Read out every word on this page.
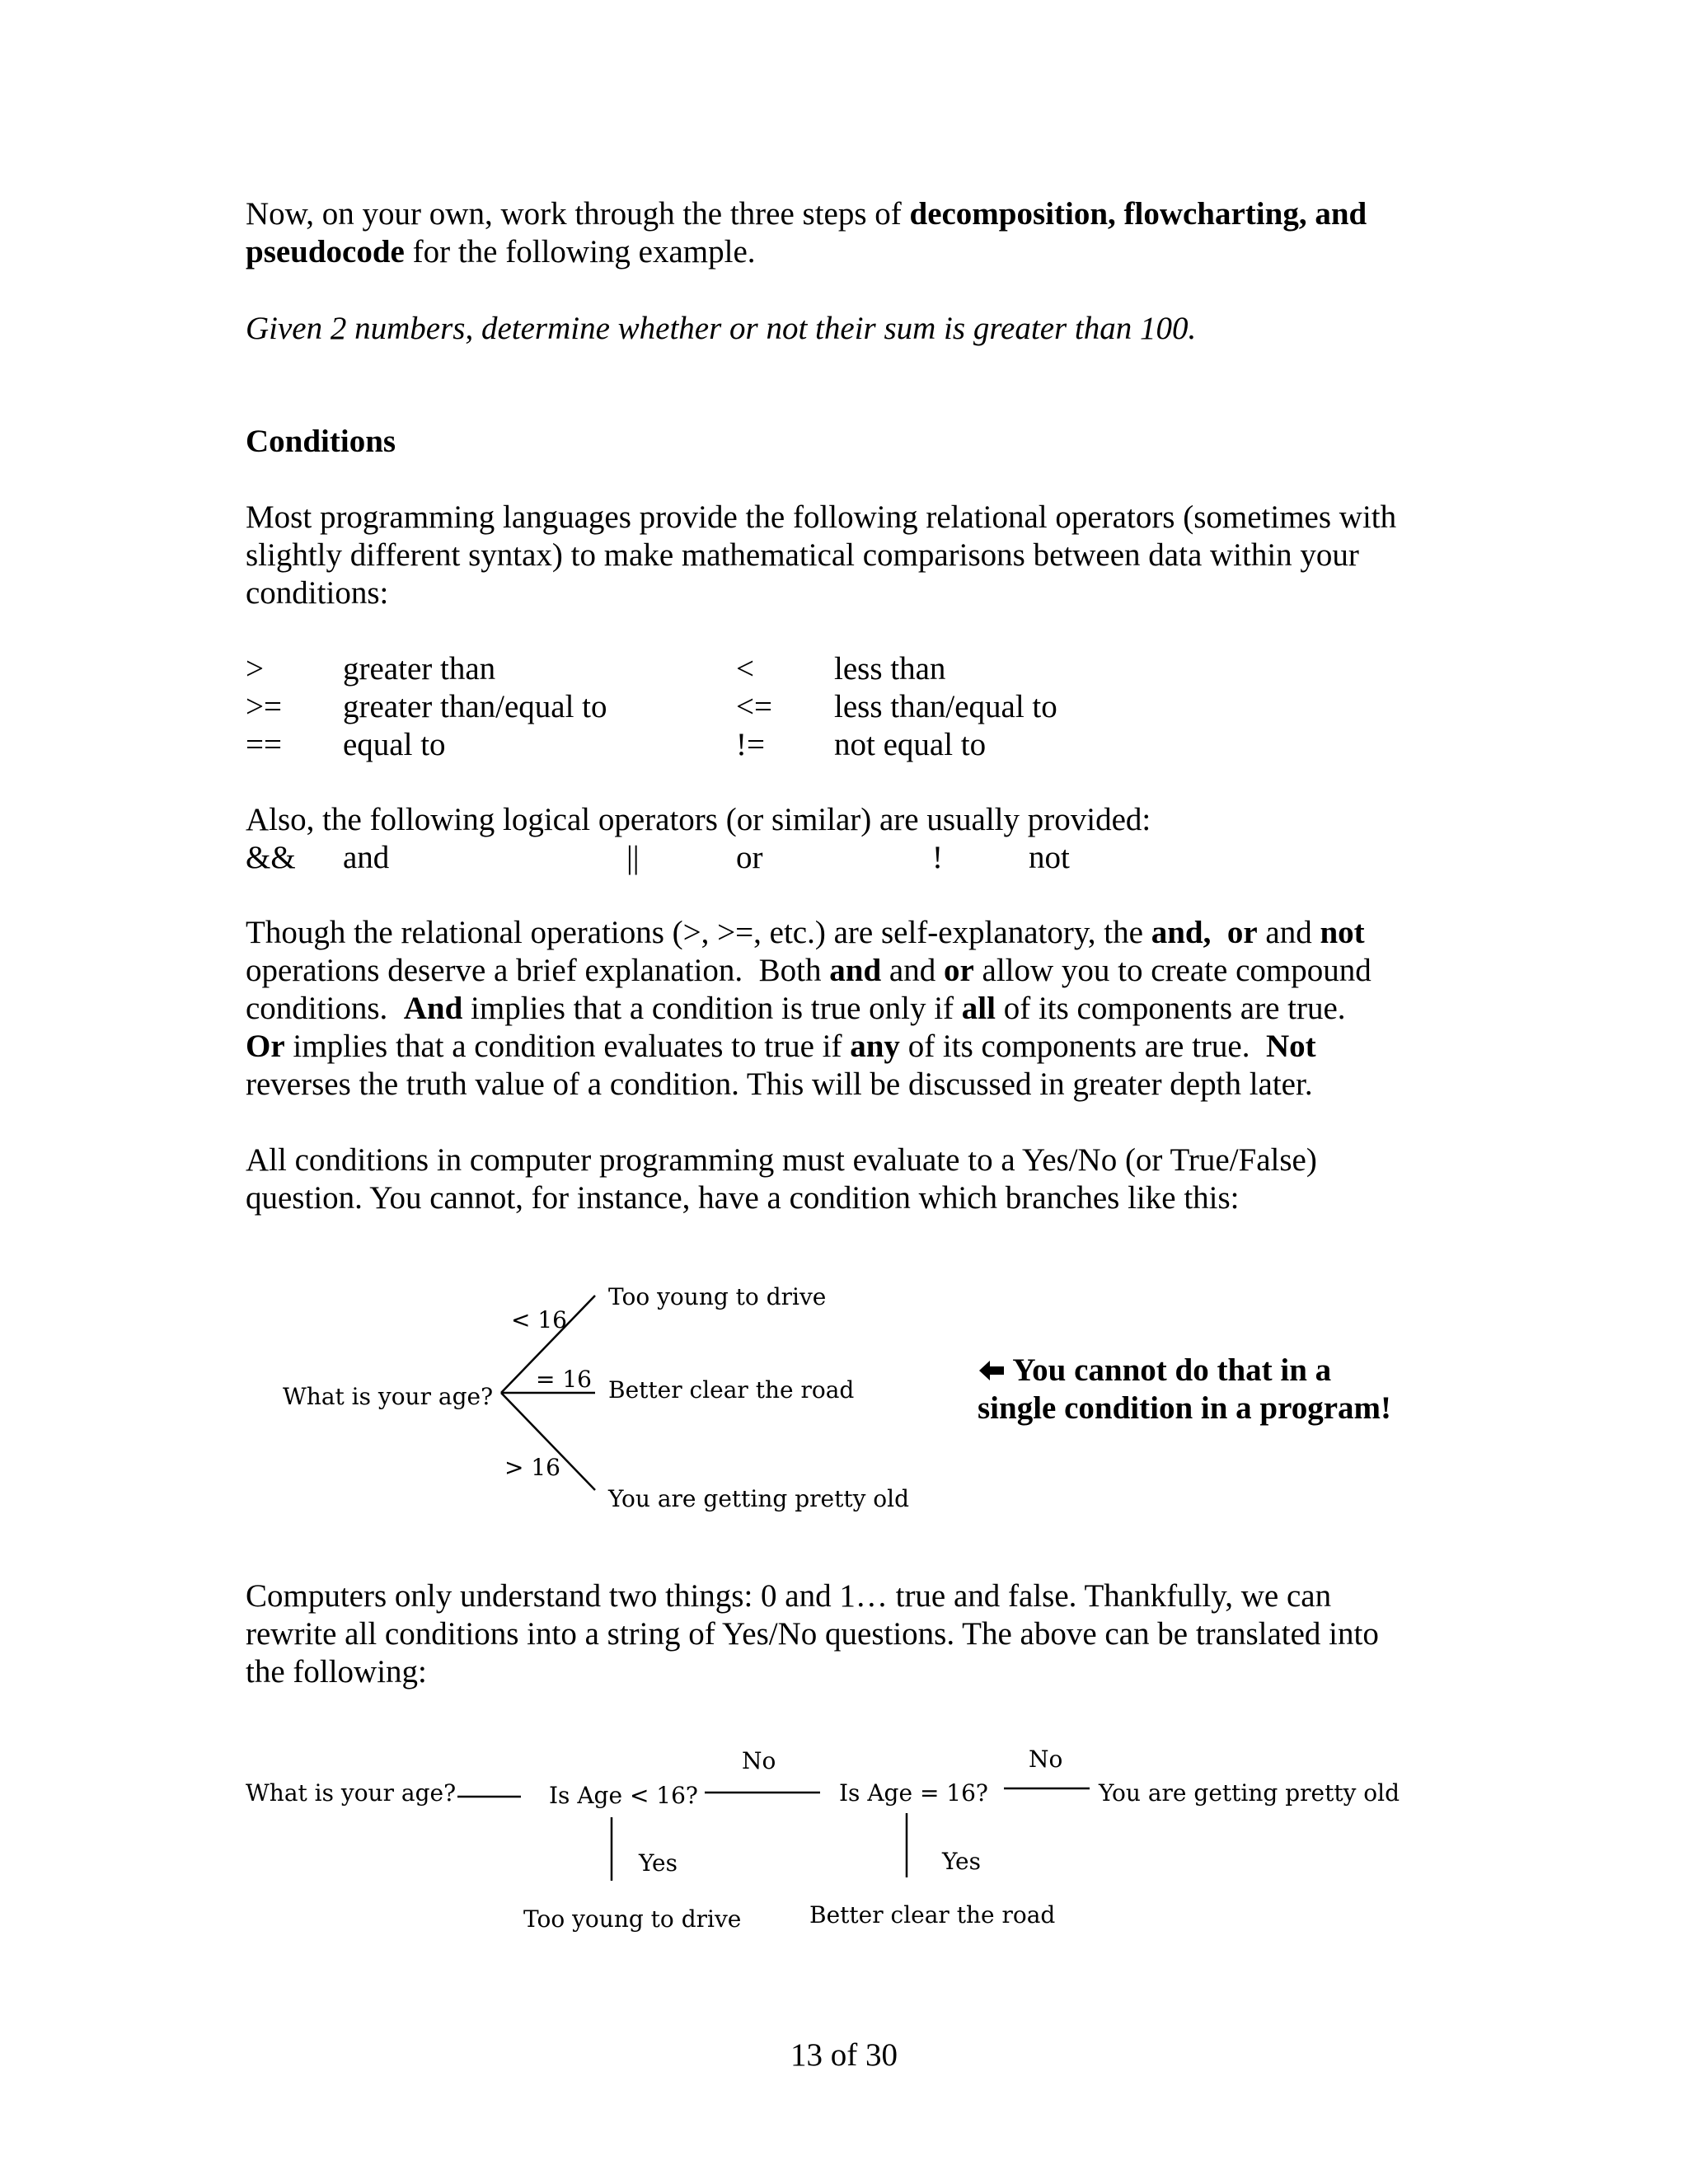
Now, on your own, work through the three steps of decomposition, flowcharting, and

pseudocode for the following example.

Given 2 numbers, determine whether or not their sum is greater than 100.

Conditions

Most programming languages provide the following relational operators (sometimes with

slightly different syntax) to make mathematical comparisons between data within your

conditions:

> greater than	< less than
>= greater than/equal to	<= less than/equal to
== equal to	!= not equal to

Also, the following logical operators (or similar) are usually provided:

&& and	||	or	!	not

Though the relational operations (>, >=, etc.) are self-explanatory, the and, or and not

operations deserve a brief explanation.  Both and and or allow you to create compound

conditions.  And implies that a condition is true only if all of its components are true.

Or implies that a condition evaluates to true if any of its components are true.  Not

reverses the truth value of a condition. This will be discussed in greater depth later.

All conditions in computer programming must evaluate to a Yes/No (or True/False)

question. You cannot, for instance, have a condition which branches like this:

What is your age?
< 16
= 16
> 16
Too young to drive
Better clear the road
You are getting pretty old
You cannot do that in a
single condition in a program!

Computers only understand two things: 0 and 1… true and false. Thankfully, we can

rewrite all conditions into a string of Yes/No questions. The above can be translated into

the following:

What is your age?	Is Age < 16?
No
Is Age = 16?
No
You are getting pretty old
Yes	Yes
Too young to drive	Better clear the road

13 of 30
